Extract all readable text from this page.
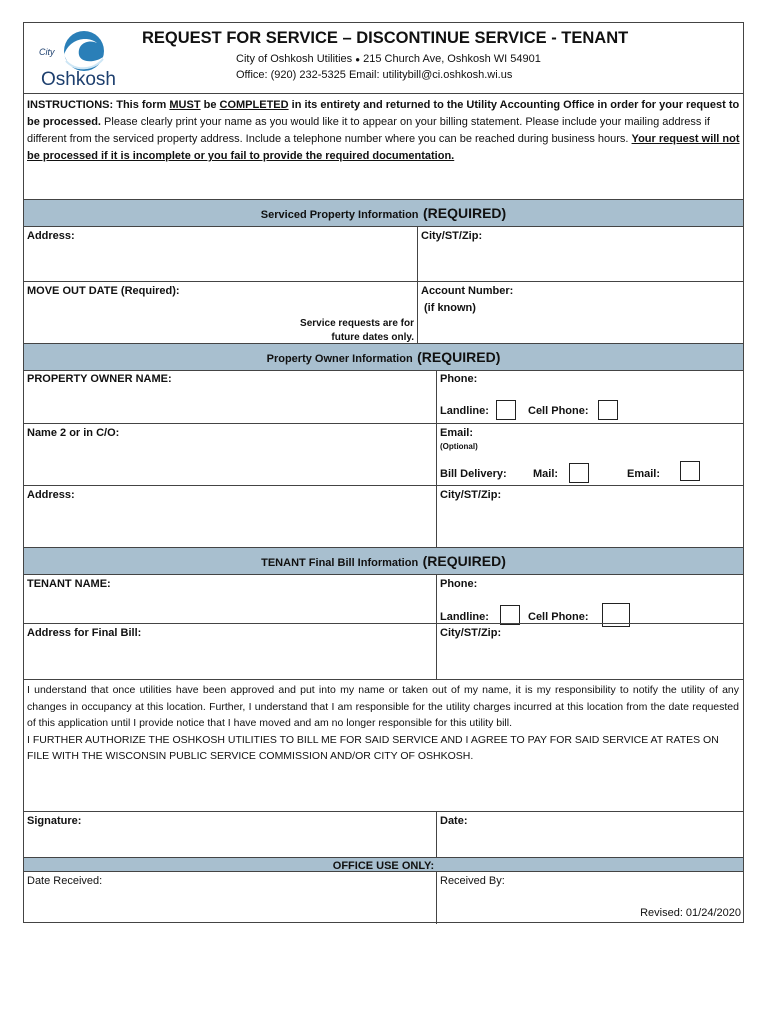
City
Oshkosh
REQUEST FOR SERVICE – DISCONTINUE SERVICE - TENANT
City of Oshkosh Utilities ● 215 Church Ave, Oshkosh WI 54901
Office: (920) 232-5325 Email: utilitybill@ci.oshkosh.wi.us
INSTRUCTIONS: This form MUST be COMPLETED in its entirety and returned to the Utility Accounting Office in order for your request to be processed. Please clearly print your name as you would like it to appear on your billing statement. Please include your mailing address if different from the serviced property address. Include a telephone number where you can be reached during business hours. Your request will not be processed if it is incomplete or you fail to provide the required documentation.
Serviced Property Information (REQUIRED)
Address:	City/ST/Zip:
MOVE OUT DATE (Required):	Account Number:
(if known)
Service requests are for
future dates only.
Property Owner Information (REQUIRED)
PROPERTY OWNER NAME:	Phone:
Landline:	Cell Phone:
Name 2 or in C/O:	Email:
(Optional)
Bill Delivery: Mail:	Email:
Address:	City/ST/Zip:
TENANT Final Bill Information (REQUIRED)
TENANT NAME:	Phone:
Landline:	Cell Phone:
Address for Final Bill:	City/ST/Zip:
I understand that once utilities have been approved and put into my name or taken out of my name, it is my responsibility to notify the utility of any changes in occupancy at this location. Further, I understand that I am responsible for the utility charges incurred at this location from the date requested of this application until I provide notice that I have moved and am no longer responsible for this utility bill.
I FURTHER AUTHORIZE THE OSHKOSH UTILITIES TO BILL ME FOR SAID SERVICE AND I AGREE TO PAY FOR SAID SERVICE AT RATES ON FILE WITH THE WISCONSIN PUBLIC SERVICE COMMISSION AND/OR CITY OF OSHKOSH.
Signature:	Date:
OFFICE USE ONLY:
Date Received:	Received By:
Revised: 01/24/2020
